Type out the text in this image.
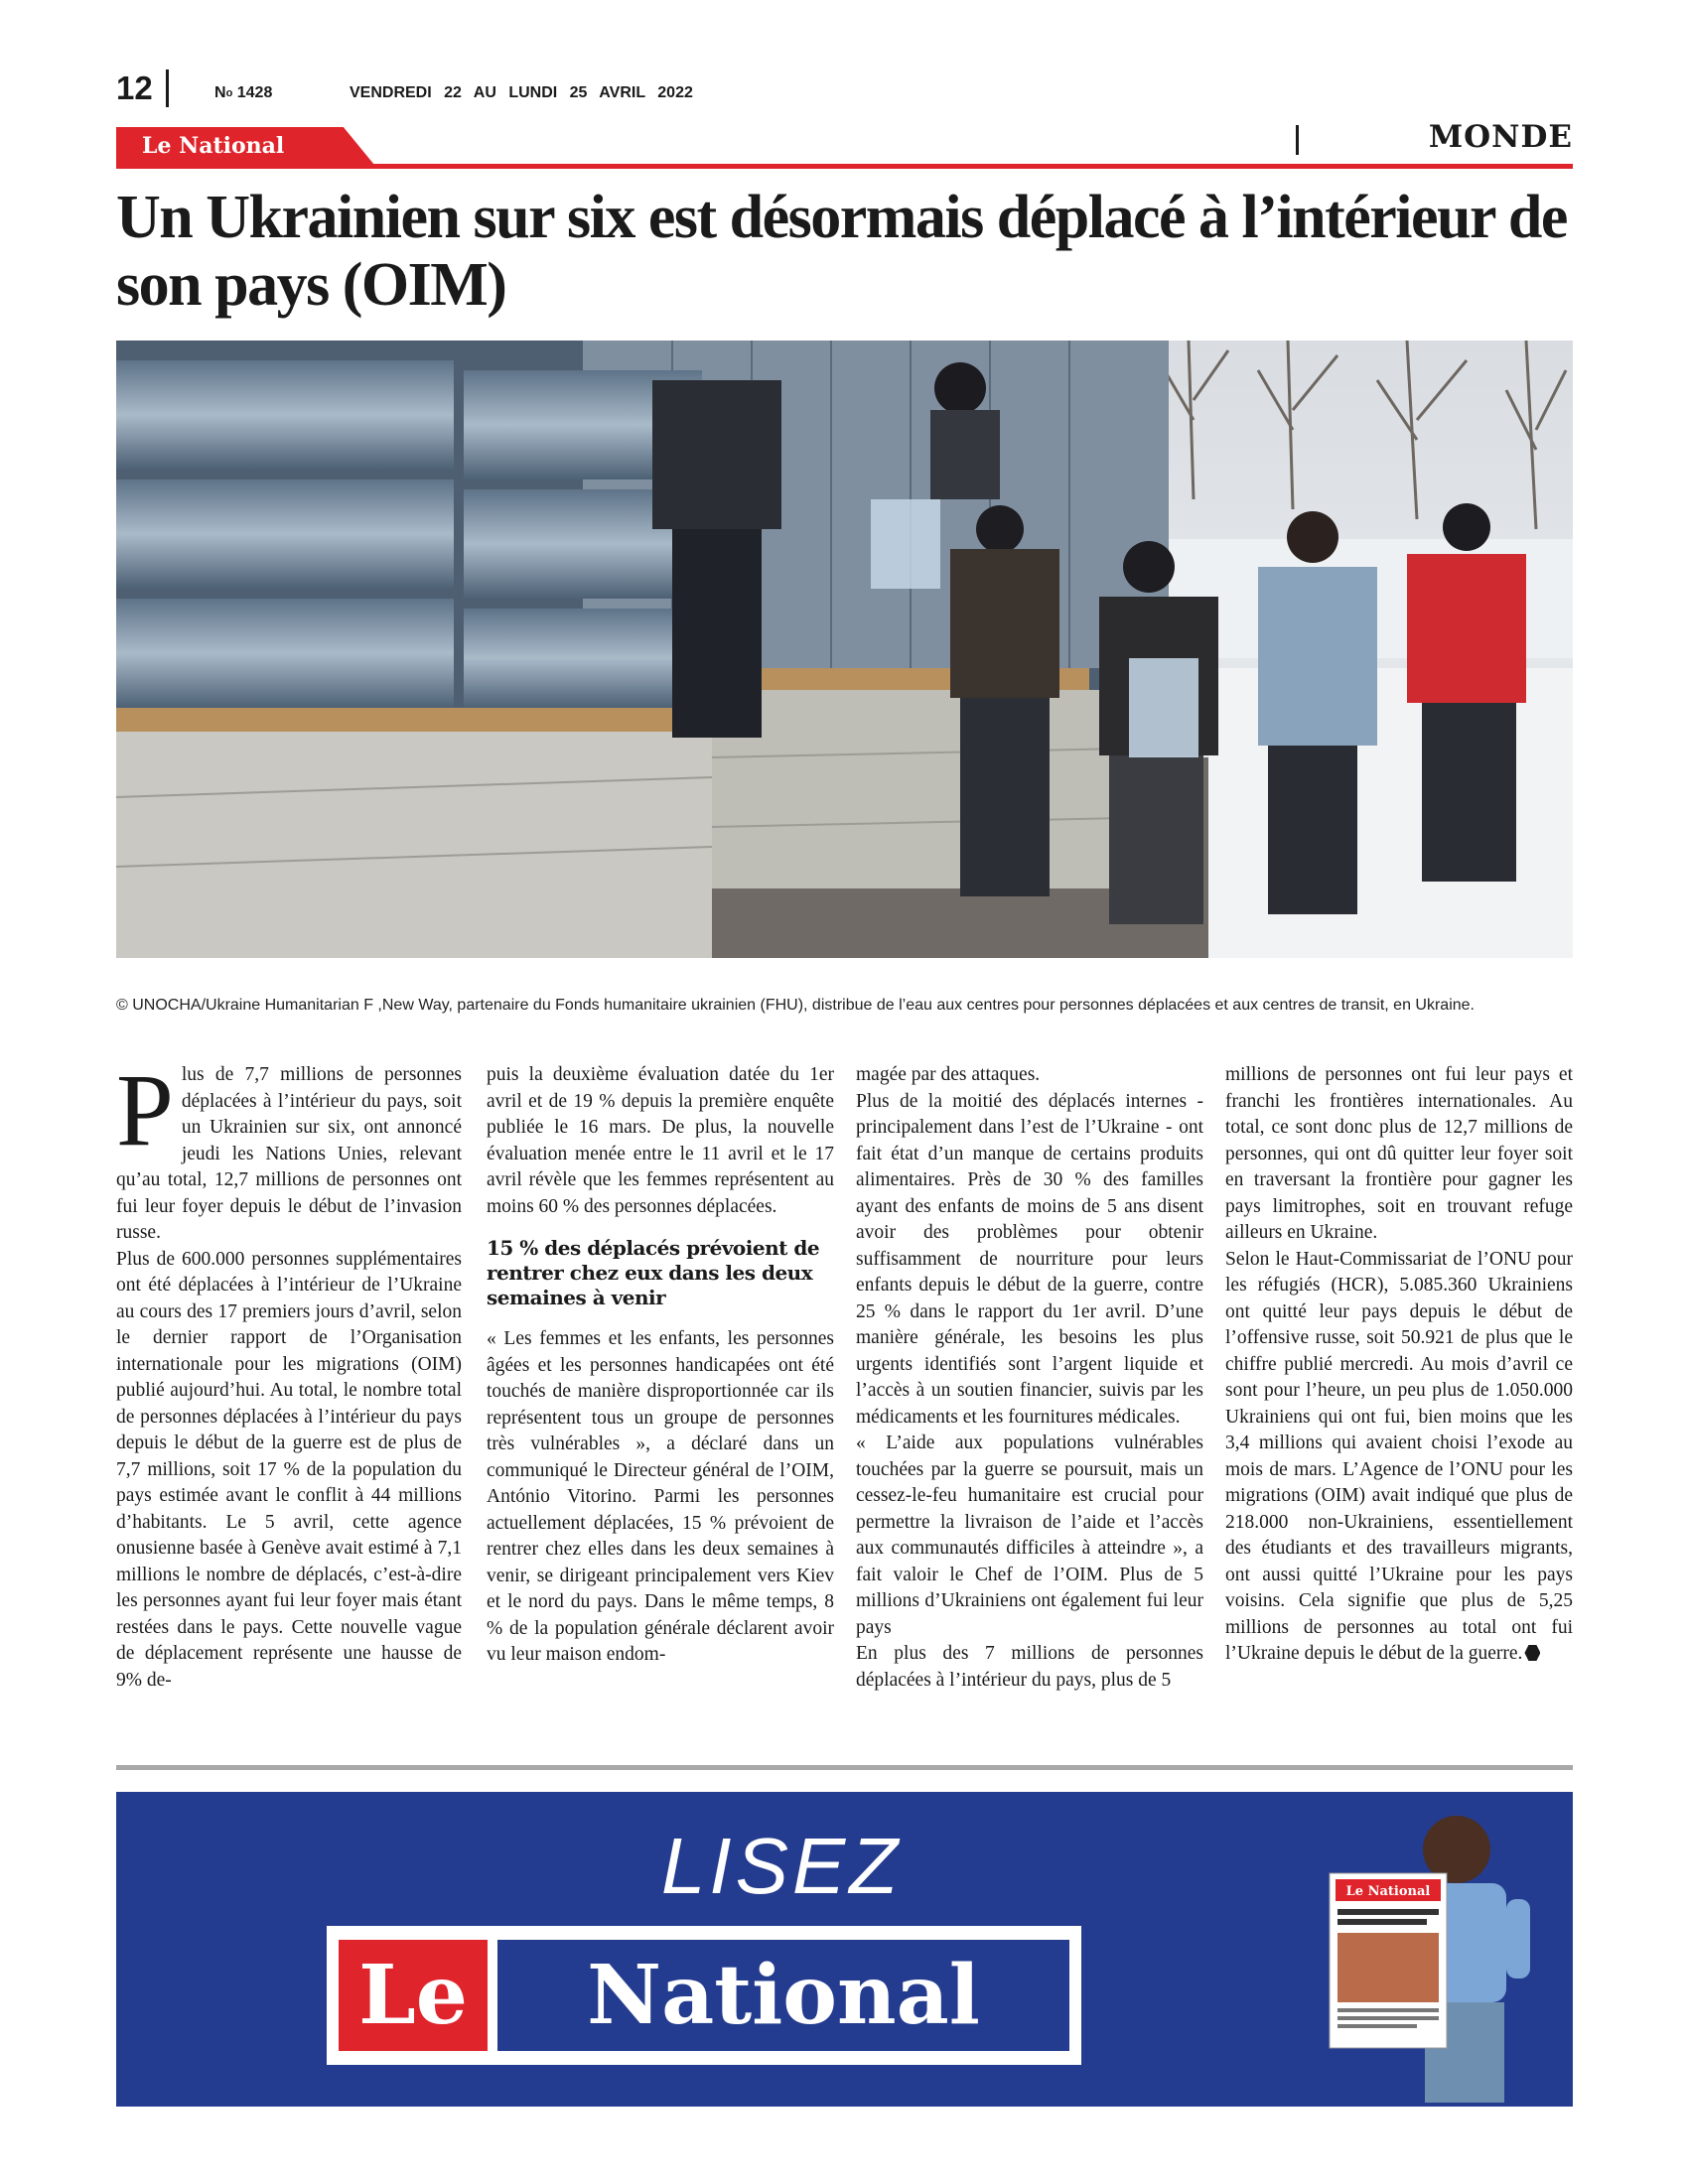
12	$N^o$ 1428	VENDREDI 22 AU LUNDI 25 AVRIL 2022
Le National	MONDE
Un Ukrainien sur six est désormais déplacé à l’intérieur de son pays (OIM)

© UNOCHA/Ukraine Humanitarian F ,New Way, partenaire du Fonds humanitaire ukrainien (FHU), distribue de l’eau aux centres pour personnes déplacées et aux centres de transit, en Ukraine.

Plus de 7,7 millions de personnes déplacées à l’intérieur du pays, soit un Ukrainien sur six, ont annoncé jeudi les Nations Unies, relevant qu’au total, 12,7 millions de personnes ont fui leur foyer depuis le début de l’invasion russe.

Plus de 600.000 personnes supplémentaires ont été déplacées à l’intérieur de l’Ukraine au cours des 17 premiers jours d’avril, selon le dernier rapport de l’Organisation internationale pour les migrations (OIM) publié aujourd’hui. Au total, le nombre total de personnes déplacées à l’intérieur du pays depuis le début de la guerre est de plus de 7,7 millions, soit 17 % de la population du pays estimée avant le conflit à 44 millions d’habitants. Le 5 avril, cette agence onusienne basée à Genève avait estimé à 7,1 millions le nombre de déplacés, c’est-à-dire les personnes ayant fui leur foyer mais étant restées dans le pays. Cette nouvelle vague de déplacement représente une hausse de 9% de-

puis la deuxième évaluation datée du 1er avril et de 19 % depuis la première enquête publiée le 16 mars. De plus, la nouvelle évaluation menée entre le 11 avril et le 17 avril révèle que les femmes représentent au moins 60 % des personnes déplacées.

15 % des déplacés prévoient de rentrer chez eux dans les deux semaines à venir

« Les femmes et les enfants, les personnes âgées et les personnes handicapées ont été touchés de manière disproportionnée car ils représentent tous un groupe de personnes très vulnérables », a déclaré dans un communiqué le Directeur général de l’OIM, António Vitorino. Parmi les personnes actuellement déplacées, 15 % prévoient de rentrer chez elles dans les deux semaines à venir, se dirigeant principalement vers Kiev et le nord du pays. Dans le même temps, 8 % de la population générale déclarent avoir vu leur maison endom-

magée par des attaques.

Plus de la moitié des déplacés internes - principalement dans l’est de l’Ukraine - ont fait état d’un manque de certains produits alimentaires. Près de 30 % des familles ayant des enfants de moins de 5 ans disent avoir des problèmes pour obtenir suffisamment de nourriture pour leurs enfants depuis le début de la guerre, contre 25 % dans le rapport du 1er avril. D’une manière générale, les besoins les plus urgents identifiés sont l’argent liquide et l’accès à un soutien financier, suivis par les médicaments et les fournitures médicales.

« L’aide aux populations vulnérables touchées par la guerre se poursuit, mais un cessez-le-feu humanitaire est crucial pour permettre la livraison de l’aide et l’accès aux communautés difficiles à atteindre », a fait valoir le Chef de l’OIM. Plus de 5 millions d’Ukrainiens ont également fui leur pays

En plus des 7 millions de personnes déplacées à l’intérieur du pays, plus de 5

millions de personnes ont fui leur pays et franchi les frontières internationales. Au total, ce sont donc plus de 12,7 millions de personnes, qui ont dû quitter leur foyer soit en traversant la frontière pour gagner les pays limitrophes, soit en trouvant refuge ailleurs en Ukraine.

Selon le Haut-Commissariat de l’ONU pour les réfugiés (HCR), 5.085.360 Ukrainiens ont quitté leur pays depuis le début de l’offensive russe, soit 50.921 de plus que le chiffre publié mercredi. Au mois d’avril ce sont pour l’heure, un peu plus de 1.050.000 Ukrainiens qui ont fui, bien moins que les 3,4 millions qui avaient choisi l’exode au mois de mars. L’Agence de l’ONU pour les migrations (OIM) avait indiqué que plus de 218.000 non-Ukrainiens, essentiellement des étudiants et des travailleurs migrants, ont aussi quitté l’Ukraine pour les pays voisins. Cela signifie que plus de 5,25 millions de personnes au total ont fui l’Ukraine depuis le début de la guerre.

LISEZ
Le	National
Le National
